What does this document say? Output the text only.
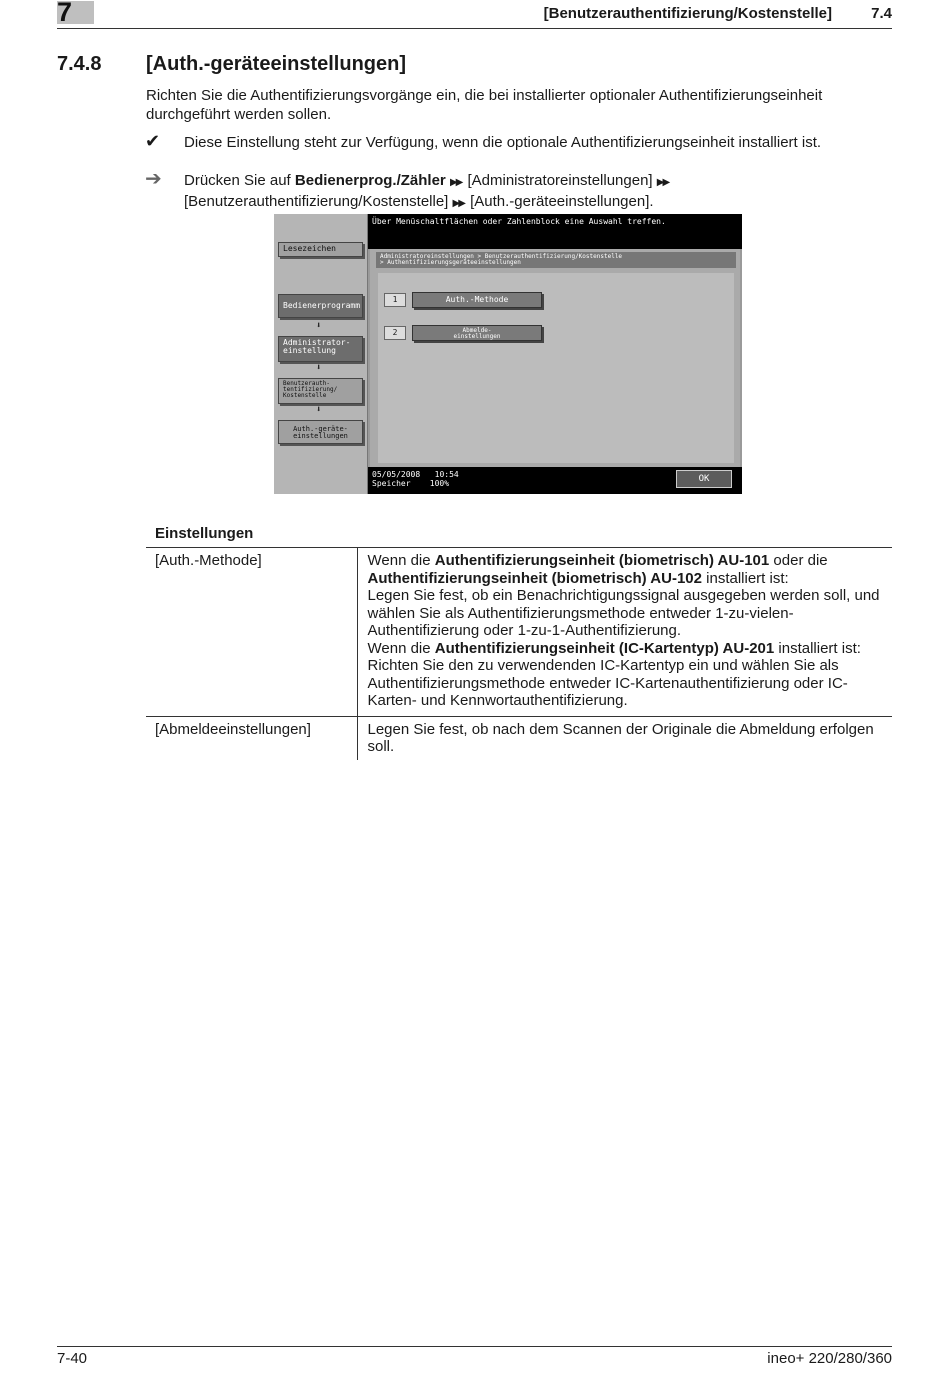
7	[Benutzerauthentifizierung/Kostenstelle]	7.4
7.4.8 [Auth.-geräteeinstellungen]
Richten Sie die Authentifizierungsvorgänge ein, die bei installierter optionaler Authentifizierungseinheit durchgeführt werden sollen.
✔ Diese Einstellung steht zur Verfügung, wenn die optionale Authentifizierungseinheit installiert ist.
➔ Drücken Sie auf Bedienerprog./Zähler ▶▶ [Administratoreinstellungen] ▶▶
[Benutzerauthentifizierung/Kostenstelle] ▶▶ [Auth.-geräteeinstellungen].
Lesezeichen
Bedienerprogramm
⬇
Administrator-
einstellung
⬇
Benutzerauth-
tentifizierung/
Kostenstelle
⬇
Auth.-geräte-
einstellungen
Über Menüschaltflächen oder Zahlenblock eine Auswahl treffen.
Administratoreinstellungen > Benutzerauthentifizierung/Kostenstelle
> Authentifizierungsgeräteeinstellungen
1	Auth.-Methode
2	Abmelde-
einstellungen
05/05/2008 10:54
Speicher 100%	OK
Einstellungen
[Auth.-Methode]	Wenn die Authentifizierungseinheit (biometrisch) AU-101 oder die
Authentifizierungseinheit (biometrisch) AU-102 installiert ist:
Legen Sie fest, ob ein Benachrichtigungssignal ausgegeben werden soll, und wählen Sie als Authentifizierungsmethode entweder 1-zu-vielen-Authentifizierung oder 1-zu-1-Authentifizierung.
Wenn die Authentifizierungseinheit (IC-Kartentyp) AU-201 installiert ist:
Richten Sie den zu verwendenden IC-Kartentyp ein und wählen Sie als Authentifizierungsmethode entweder IC-Kartenauthentifizierung oder IC-Karten- und Kennwortauthentifizierung.

[Abmeldeeinstellungen]	Legen Sie fest, ob nach dem Scannen der Originale die Abmeldung erfolgen soll.
7-40	ineo+ 220/280/360
